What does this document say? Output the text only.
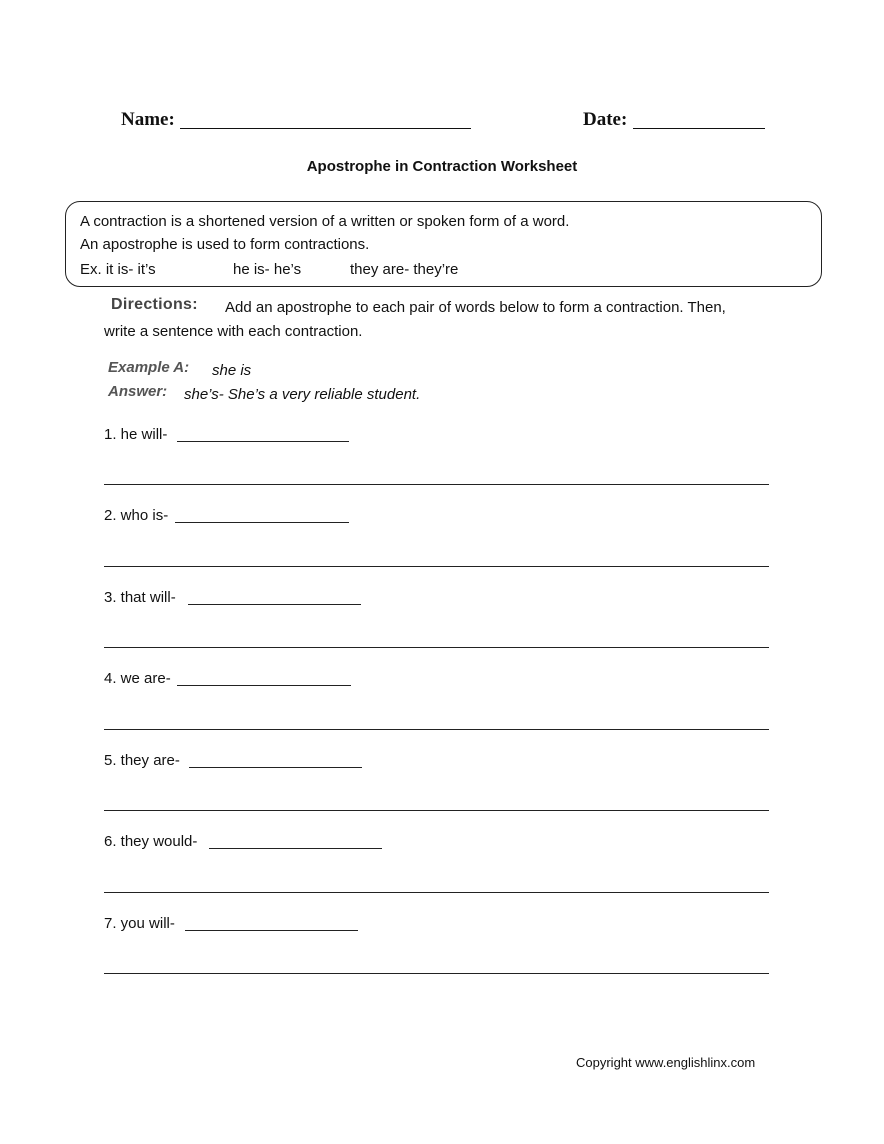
Name:	Date:
Apostrophe in Contraction Worksheet
A contraction is a shortened version of a written or spoken form of a word.
An apostrophe is used to form contractions.
Ex. it is- it’s	he is- he’s	they are- they’re
Directions: Add an apostrophe to each pair of words below to form a contraction. Then,
write a sentence with each contraction.
Example A: she is
Answer: she’s- She’s a very reliable student.
1. he will-
2. who is-
3. that will-
4. we are-
5. they are-
6. they would-
7. you will-
Copyright www.englishlinx.com
